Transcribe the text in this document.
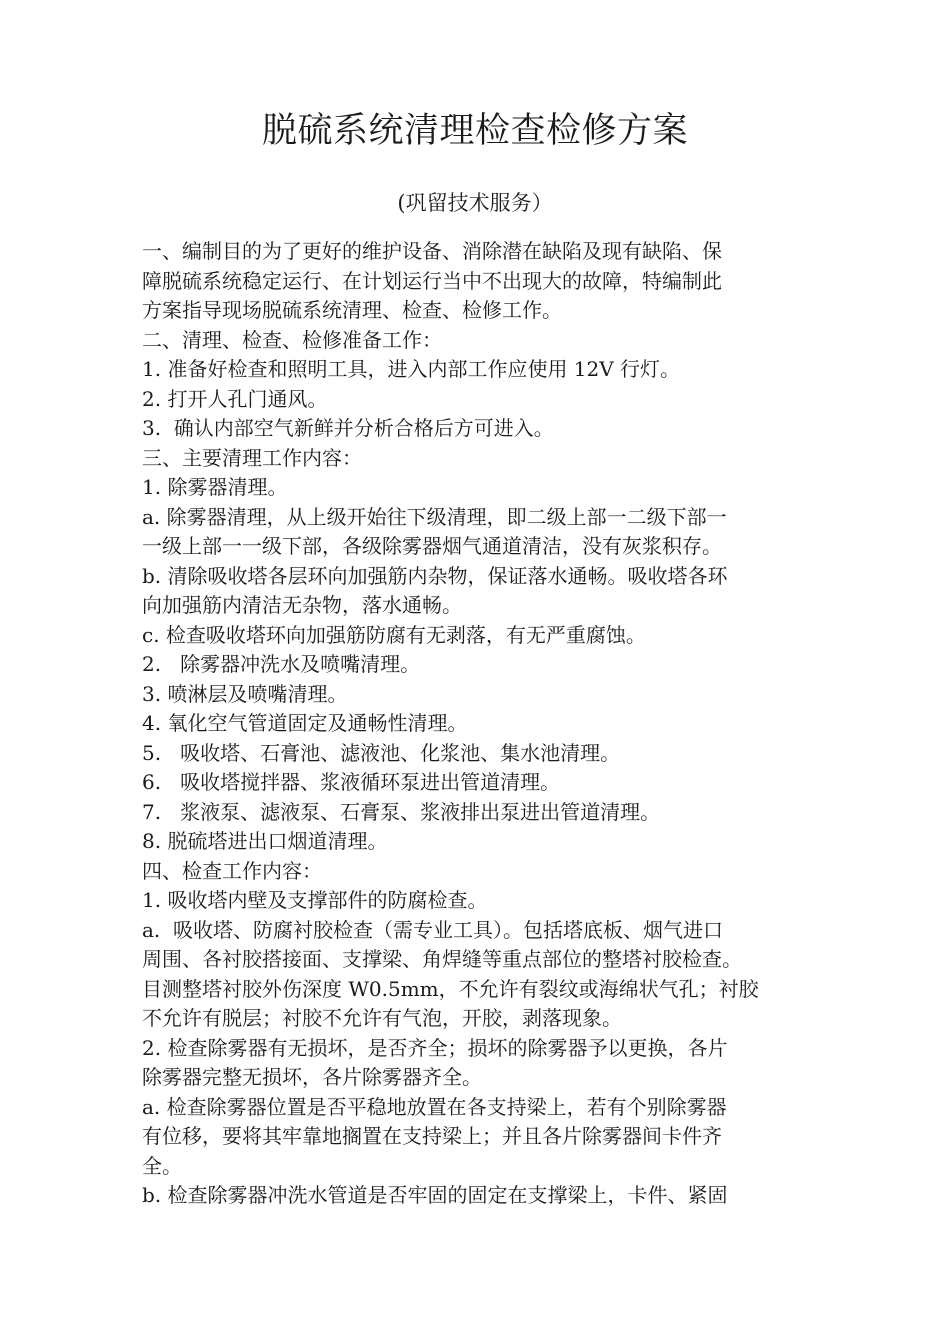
脱硫系统清理检查检修方案

(巩留技术服务）

一、编制目的为了更好的维护设备、消除潜在缺陷及现有缺陷、保
障脱硫系统稳定运行、在计划运行当中不出现大的故障，特编制此
方案指导现场脱硫系统清理、检查、检修工作。
二、清理、检查、检修准备工作：
1. 准备好检查和照明工具，进入内部工作应使用 12V 行灯。
2. 打开人孔门通风。
3.  确认内部空气新鲜并分析合格后方可进入。
三、主要清理工作内容：
1. 除雾器清理。
a. 除雾器清理，从上级开始往下级清理，即二级上部一二级下部一
一级上部一一级下部，各级除雾器烟气通道清洁，没有灰浆积存。
b. 清除吸收塔各层环向加强筋内杂物，保证落水通畅。吸收塔各环
向加强筋内清洁无杂物，落水通畅。
c. 检查吸收塔环向加强筋防腐有无剥落，有无严重腐蚀。
2.   除雾器冲洗水及喷嘴清理。
3. 喷淋层及喷嘴清理。
4. 氧化空气管道固定及通畅性清理。
5.   吸收塔、石膏池、滤液池、化浆池、集水池清理。
6.   吸收塔搅拌器、浆液循环泵进出管道清理。
7.   浆液泵、滤液泵、石膏泵、浆液排出泵进出管道清理。
8. 脱硫塔进出口烟道清理。
四、检查工作内容：
1. 吸收塔内壁及支撑部件的防腐检查。
a.  吸收塔、防腐衬胶检查（需专业工具）。包括塔底板、烟气进口
周围、各衬胶搭接面、支撑梁、角焊缝等重点部位的整塔衬胶检查。
目测整塔衬胶外伤深度 W0.5mm，不允许有裂纹或海绵状气孔；衬胶
不允许有脱层；衬胶不允许有气泡，开胶，剥落现象。
2. 检查除雾器有无损坏，是否齐全；损坏的除雾器予以更换，各片
除雾器完整无损坏，各片除雾器齐全。
a. 检查除雾器位置是否平稳地放置在各支持梁上，若有个别除雾器
有位移，要将其牢靠地搁置在支持梁上；并且各片除雾器间卡件齐
全。
b. 检查除雾器冲洗水管道是否牢固的固定在支撑梁上，卡件、紧固
